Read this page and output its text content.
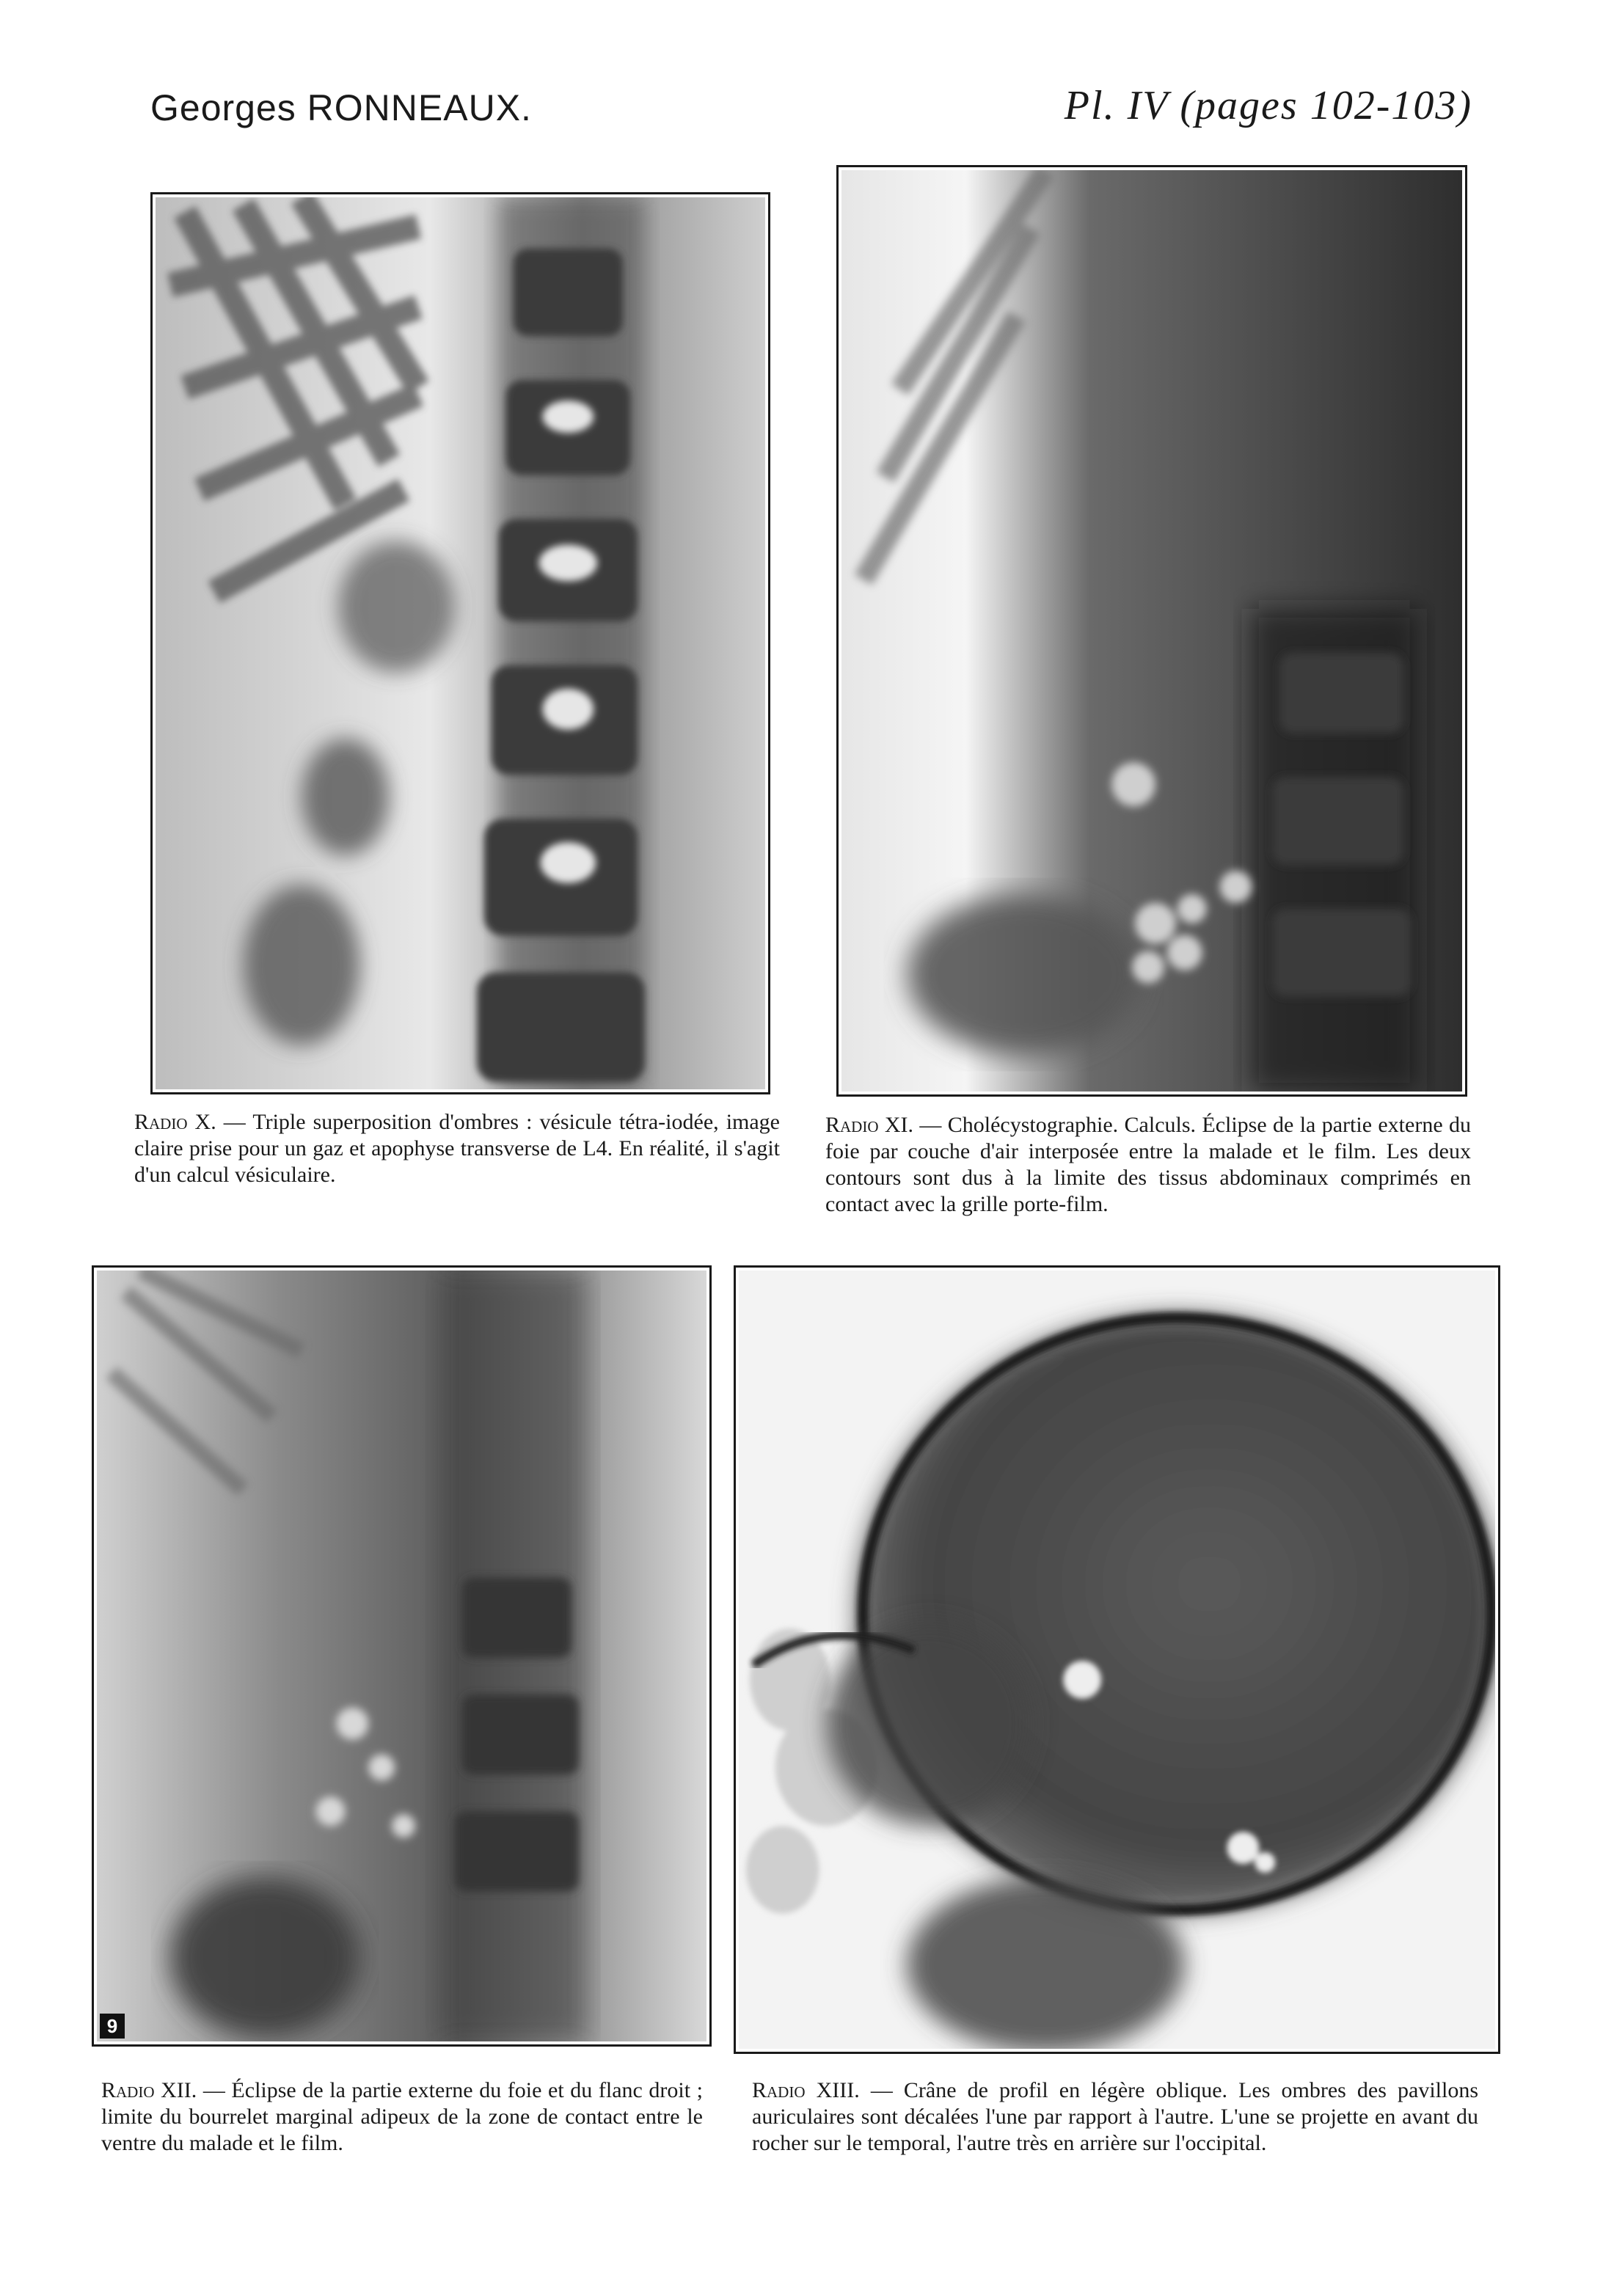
Georges RONNEAUX.	Pl. IV (pages 102-103)
Radio X. — Triple superposition d'ombres : vésicule tétra-iodée, image claire prise pour un gaz et apophyse transverse de L4. En réalité, il s'agit d'un calcul vésiculaire.
Radio XI. — Cholécystographie. Calculs. Éclipse de la partie externe du foie par couche d'air interposée entre la malade et le film. Les deux contours sont dus à la limite des tissus abdominaux comprimés en contact avec la grille porte-film.
9
Radio XII. — Éclipse de la partie externe du foie et du flanc droit ; limite du bourrelet marginal adipeux de la zone de contact entre le ventre du malade et le film.
Radio XIII. — Crâne de profil en légère oblique. Les ombres des pavillons auriculaires sont décalées l'une par rapport à l'autre. L'une se projette en avant du rocher sur le temporal, l'autre très en arrière sur l'occipital.
